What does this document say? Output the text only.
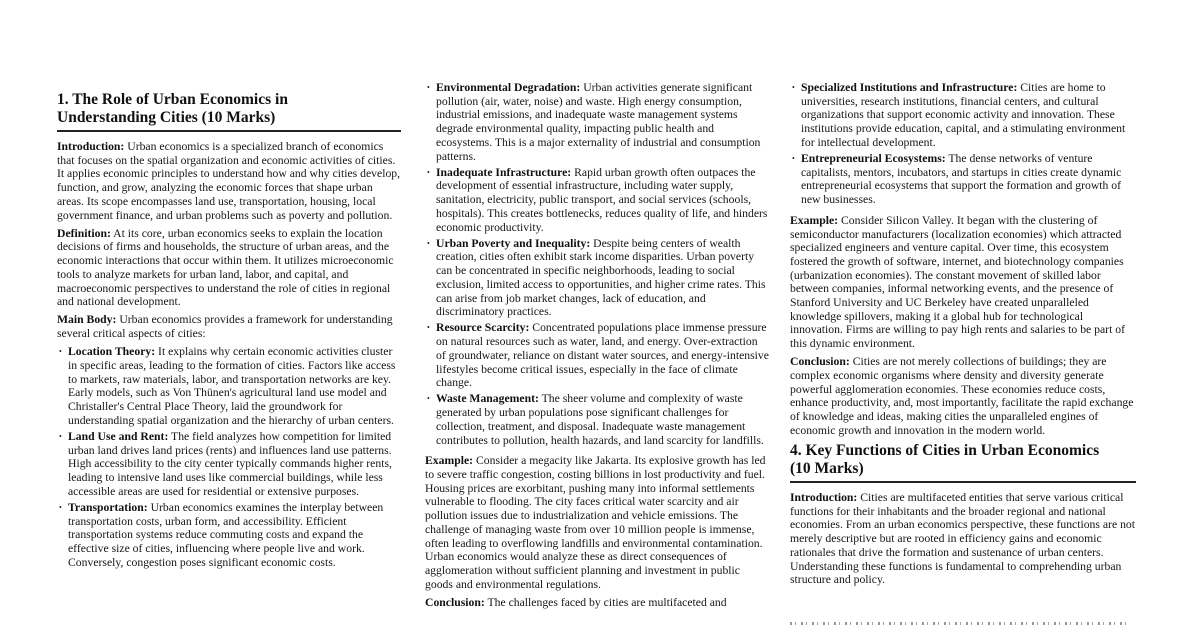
1. The Role of Urban Economics in
Understanding Cities (10 Marks)

Introduction: Urban economics is a specialized branch of economics that focuses on the spatial organization and economic activities of cities. It applies economic principles to understand how and why cities develop, function, and grow, analyzing the economic forces that shape urban areas. Its scope encompasses land use, transportation, housing, local government finance, and urban problems such as poverty and pollution.

Definition: At its core, urban economics seeks to explain the location decisions of firms and households, the structure of urban areas, and the economic interactions that occur within them. It utilizes microeconomic tools to analyze markets for urban land, labor, and capital, and macroeconomic perspectives to understand the role of cities in regional and national development.

Main Body: Urban economics provides a framework for understanding several critical aspects of cities:

• Location Theory: It explains why certain economic activities cluster in specific areas, leading to the formation of cities. Factors like access to markets, raw materials, labor, and transportation networks are key. Early models, such as Von Thünen's agricultural land use model and Christaller's Central Place Theory, laid the groundwork for understanding spatial organization and the hierarchy of urban centers.
• Land Use and Rent: The field analyzes how competition for limited urban land drives land prices (rents) and influences land use patterns. High accessibility to the city center typically commands higher rents, leading to intensive land uses like commercial buildings, while less accessible areas are used for residential or extensive purposes.
• Transportation: Urban economics examines the interplay between transportation costs, urban form, and accessibility. Efficient transportation systems reduce commuting costs and expand the effective size of cities, influencing where people live and work. Conversely, congestion poses significant economic costs.
• Environmental Degradation: Urban activities generate significant pollution (air, water, noise) and waste. High energy consumption, industrial emissions, and inadequate waste management systems degrade environmental quality, impacting public health and ecosystems. This is a major externality of industrial and consumption patterns.
• Inadequate Infrastructure: Rapid urban growth often outpaces the development of essential infrastructure, including water supply, sanitation, electricity, public transport, and social services (schools, hospitals). This creates bottlenecks, reduces quality of life, and hinders economic productivity.
• Urban Poverty and Inequality: Despite being centers of wealth creation, cities often exhibit stark income disparities. Urban poverty can be concentrated in specific neighborhoods, leading to social exclusion, limited access to opportunities, and higher crime rates. This can arise from job market changes, lack of education, and discriminatory practices.
• Resource Scarcity: Concentrated populations place immense pressure on natural resources such as water, land, and energy. Over-extraction of groundwater, reliance on distant water sources, and energy-intensive lifestyles become critical issues, especially in the face of climate change.
• Waste Management: The sheer volume and complexity of waste generated by urban populations pose significant challenges for collection, treatment, and disposal. Inadequate waste management contributes to pollution, health hazards, and land scarcity for landfills.

Example: Consider a megacity like Jakarta. Its explosive growth has led to severe traffic congestion, costing billions in lost productivity and fuel. Housing prices are exorbitant, pushing many into informal settlements vulnerable to flooding. The city faces critical water scarcity and air pollution issues due to industrialization and vehicle emissions. The challenge of managing waste from over 10 million people is immense, often leading to overflowing landfills and environmental contamination. Urban economics would analyze these as direct consequences of agglomeration without sufficient planning and investment in public goods and environmental regulations.

Conclusion: The challenges faced by cities are multifaceted and

• Specialized Institutions and Infrastructure: Cities are home to universities, research institutions, financial centers, and cultural organizations that support economic activity and innovation. These institutions provide education, capital, and a stimulating environment for intellectual development.
• Entrepreneurial Ecosystems: The dense networks of venture capitalists, mentors, incubators, and startups in cities create dynamic entrepreneurial ecosystems that support the formation and growth of new businesses.

Example: Consider Silicon Valley. It began with the clustering of semiconductor manufacturers (localization economies) which attracted specialized engineers and venture capital. Over time, this ecosystem fostered the growth of software, internet, and biotechnology companies (urbanization economies). The constant movement of skilled labor between companies, informal networking events, and the presence of Stanford University and UC Berkeley have created unparalleled knowledge spillovers, making it a global hub for technological innovation. Firms are willing to pay high rents and salaries to be part of this dynamic environment.

Conclusion: Cities are not merely collections of buildings; they are complex economic organisms where density and diversity generate powerful agglomeration economies. These economies reduce costs, enhance productivity, and, most importantly, facilitate the rapid exchange of knowledge and ideas, making cities the unparalleled engines of economic growth and innovation in the modern world.

4. Key Functions of Cities in Urban Economics
(10 Marks)

Introduction: Cities are multifaceted entities that serve various critical functions for their inhabitants and the broader regional and national economies. From an urban economics perspective, these functions are not merely descriptive but are rooted in efficiency gains and economic rationales that drive the formation and sustenance of urban centers. Understanding these functions is fundamental to comprehending urban structure and policy.
